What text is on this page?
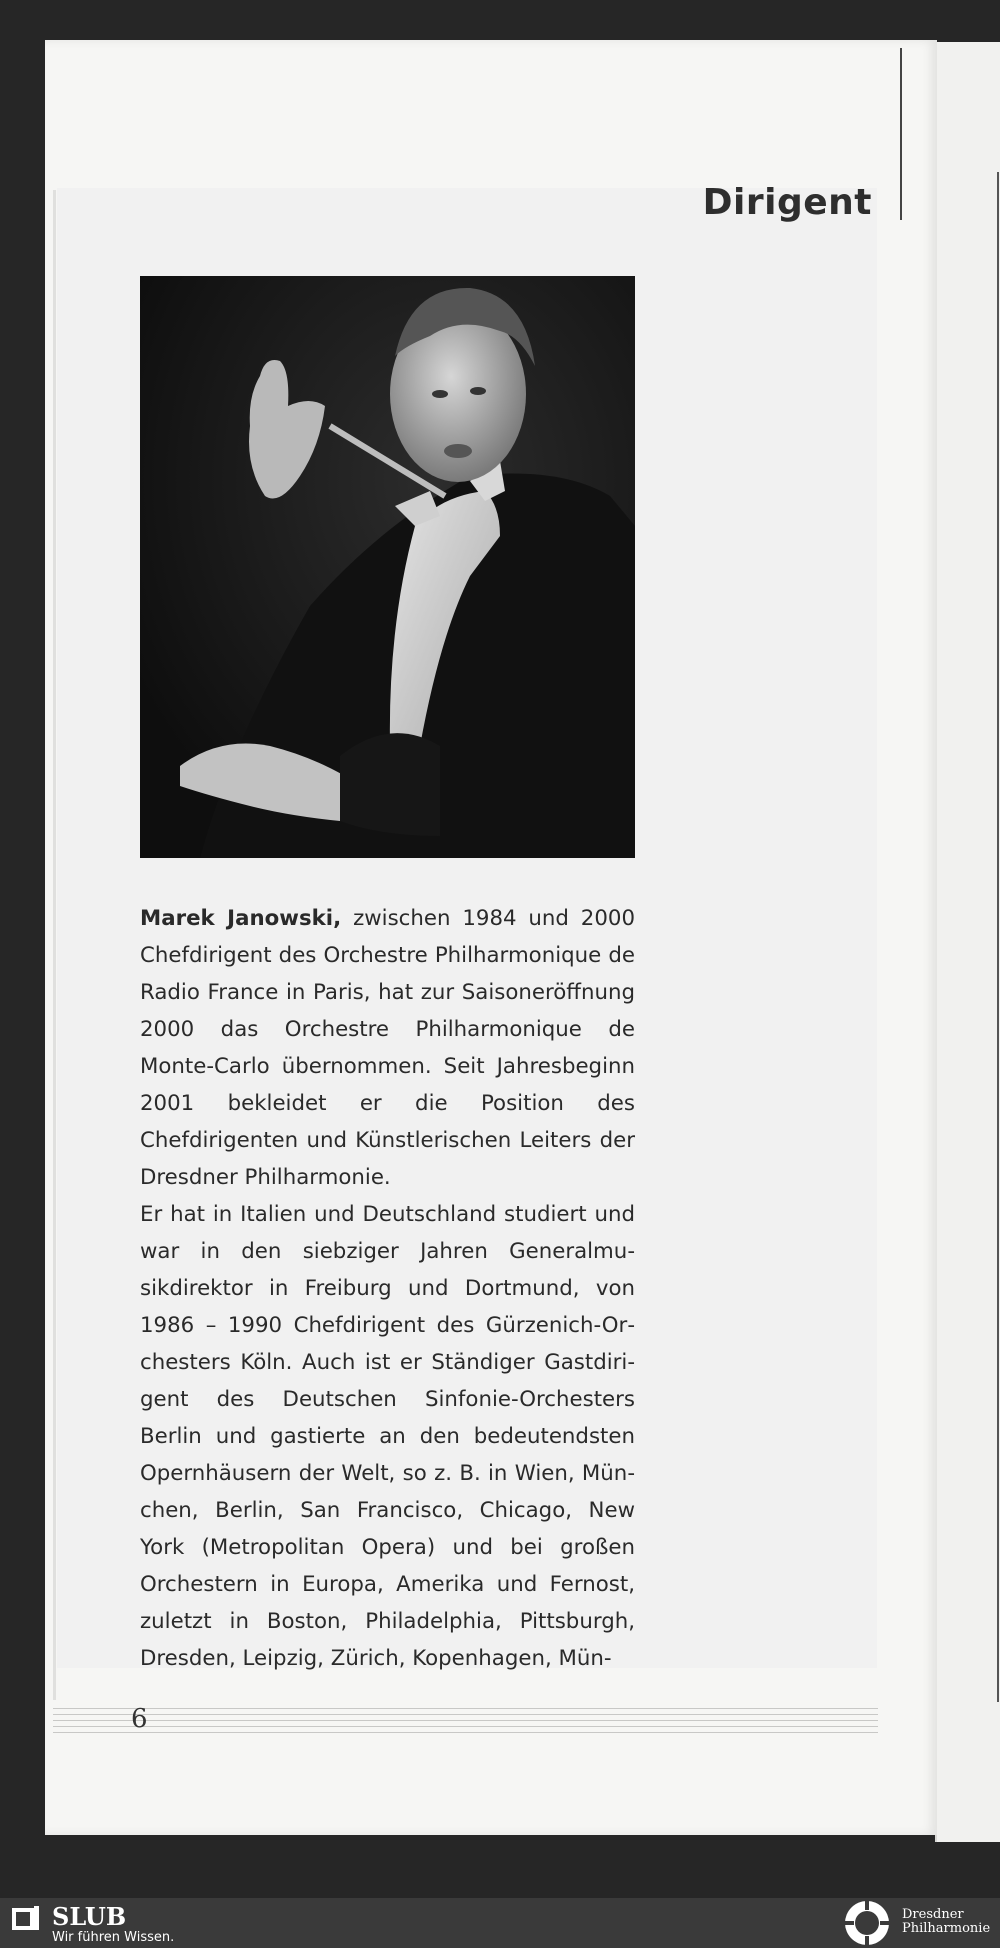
Dirigent

Marek Janowski, zwischen 1984 und 2000 Chefdirigent des Orchestre Philharmonique de Radio France in Paris, hat zur Saisoneröffnung 2000 das Orchestre Philharmonique de Monte-Carlo übernommen. Seit Jahresbeginn 2001 bekleidet er die Position des Chefdirigenten und Künstlerischen Leiters der Dresdner Philharmonie.

Er hat in Italien und Deutschland studiert und war in den siebziger Jahren Generalmusikdirektor in Freiburg und Dortmund, von 1986 – 1990 Chefdirigent des Gürzenich-Orchesters Köln. Auch ist er Ständiger Gastdirigent des Deutschen Sinfonie-Orchesters Berlin und gastierte an den bedeutendsten Opernhäusern der Welt, so z. B. in Wien, München, Berlin, San Francisco, Chicago, New York (Metropolitan Opera) und bei großen Orchestern in Europa, Amerika und Fernost, zuletzt in Boston, Philadelphia, Pittsburgh, Dresden, Leipzig, Zürich, Kopenhagen, Mün-

6
SLUB
Wir führen Wissen.
Dresdner
Philharmonie
